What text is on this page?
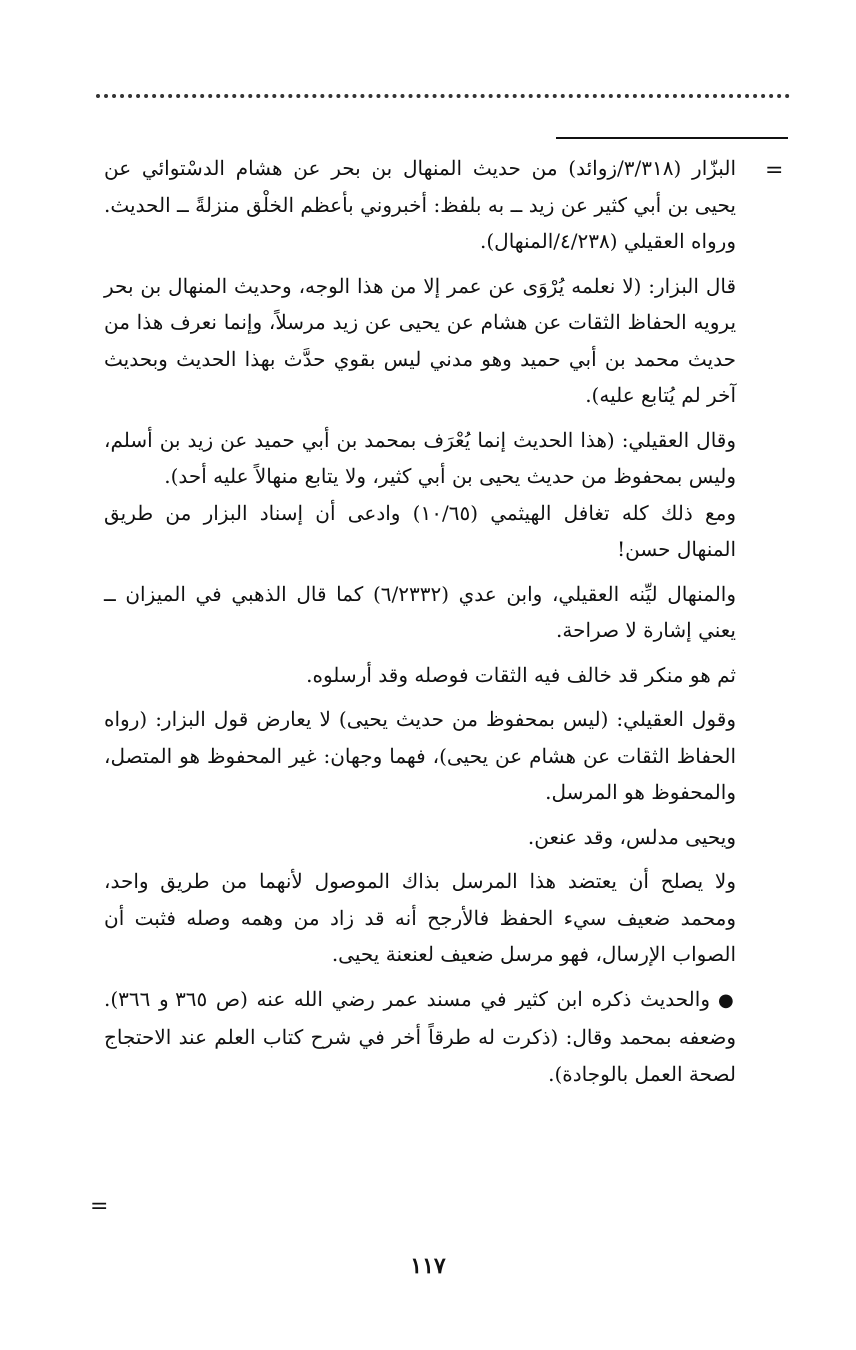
=

البزّار (٣/٣١٨/زوائد) من حديث المنهال بن بحر عن هشام الدسْتوائي عن يحيى بن أبي كثير عن زيد ــ به بلفظ: أخبروني بأعظم الخلْق منزلةً ــ الحديث. ورواه العقيلي (٤/٢٣٨/المنهال).

قال البزار: (لا نعلمه يُرْوَى عن عمر إلا من هذا الوجه، وحديث المنهال بن بحر يرويه الحفاظ الثقات عن هشام عن يحيى عن زيد مرسلاً، وإنما نعرف هذا من حديث محمد بن أبي حميد وهو مدني ليس بقوي حدَّث بهذا الحديث وبحديث آخر لم يُتابع عليه).

وقال العقيلي: (هذا الحديث إنما يُعْرَف بمحمد بن أبي حميد عن زيد بن أسلم، وليس بمحفوظ من حديث يحيى بن أبي كثير، ولا يتابع منهالاً عليه أحد).

ومع ذلك كله تغافل الهيثمي (١٠/٦٥) وادعى أن إسناد البزار من طريق المنهال حسن!

والمنهال ليِّنه العقيلي، وابن عدي (٦/٢٣٣٢) كما قال الذهبي في الميزان ــ يعني إشارة لا صراحة.

ثم هو منكر قد خالف فيه الثقات فوصله وقد أرسلوه.

وقول العقيلي: (ليس بمحفوظ من حديث يحيى) لا يعارض قول البزار: (رواه الحفاظ الثقات عن هشام عن يحيى)، فهما وجهان: غير المحفوظ هو المتصل، والمحفوظ هو المرسل.

ويحيى مدلس، وقد عنعن.

ولا يصلح أن يعتضد هذا المرسل بذاك الموصول لأنهما من طريق واحد، ومحمد ضعيف سيء الحفظ فالأرجح أنه قد زاد من وهمه وصله فثبت أن الصواب الإرسال، فهو مرسل ضعيف لعنعنة يحيى.

● والحديث ذكره ابن كثير في مسند عمر رضي الله عنه (ص ٣٦٥ و ٣٦٦). وضعفه بمحمد وقال: (ذكرت له طرقاً أخر في شرح كتاب العلم عند الاحتجاج لصحة العمل بالوجادة).

=
١١٧
